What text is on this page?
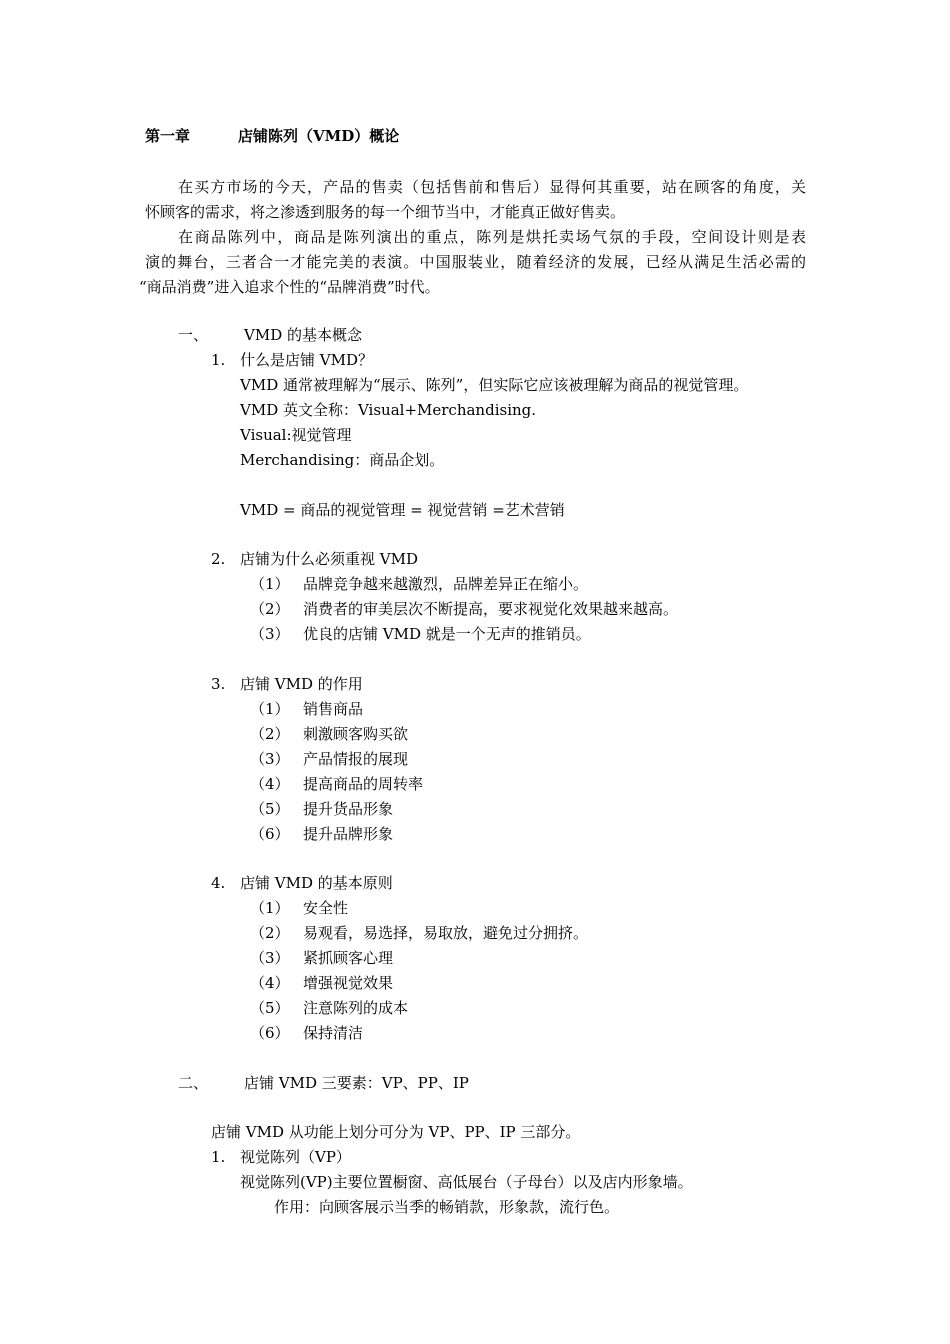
第一章	店铺陈列（VMD）概论
在买方市场的今天，产品的售卖（包括售前和售后）显得何其重要，站在顾客的角度，关
怀顾客的需求，将之渗透到服务的每一个细节当中，才能真正做好售卖。
在商品陈列中，商品是陈列演出的重点，陈列是烘托卖场气氛的手段，空间设计则是表
演的舞台，三者合一才能完美的表演。中国服装业，随着经济的发展，已经从满足生活必需的
“商品消费”进入追求个性的“品牌消费”时代。
一、 VMD 的基本概念
1. 什么是店铺 VMD？
VMD 通常被理解为“展示、陈列”，但实际它应该被理解为商品的视觉管理。
VMD 英文全称：Visual+Merchandising.
Visual:视觉管理
Merchandising：商品企划。
VMD = 商品的视觉管理 = 视觉营销 =艺术营销
2. 店铺为什么必须重视 VMD
（1） 品牌竞争越来越激烈，品牌差异正在缩小。
（2） 消费者的审美层次不断提高，要求视觉化效果越来越高。
（3） 优良的店铺 VMD 就是一个无声的推销员。
3. 店铺 VMD 的作用
（1） 销售商品
（2） 刺激顾客购买欲
（3） 产品情报的展现
（4） 提高商品的周转率
（5） 提升货品形象
（6） 提升品牌形象
4. 店铺 VMD 的基本原则
（1） 安全性
（2） 易观看，易选择，易取放，避免过分拥挤。
（3） 紧抓顾客心理
（4） 增强视觉效果
（5） 注意陈列的成本
（6） 保持清洁
二、 店铺 VMD 三要素：VP、PP、IP
店铺 VMD 从功能上划分可分为 VP、PP、IP 三部分。
1. 视觉陈列（VP）
视觉陈列(VP)主要位置橱窗、高低展台（子母台）以及店内形象墙。
作用：向顾客展示当季的畅销款，形象款，流行色。
